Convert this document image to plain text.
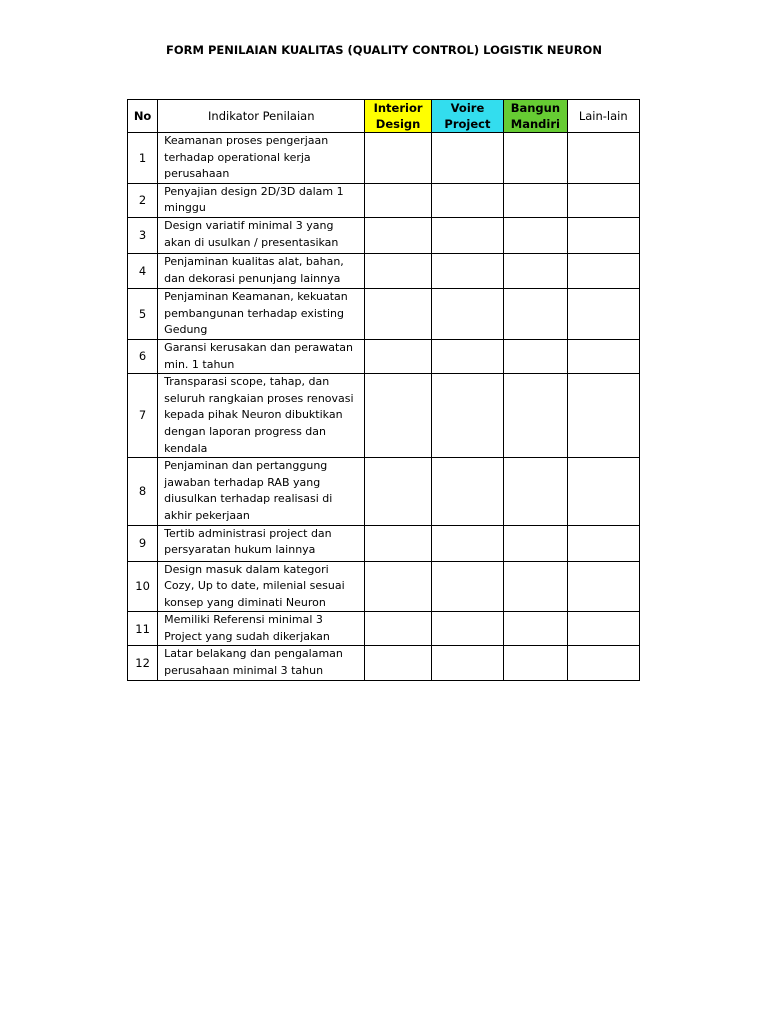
FORM PENILAIAN KUALITAS (QUALITY CONTROL) LOGISTIK NEURON
No	Indikator Penilaian	Interior Design	Voire Project	Bangun Mandiri	Lain-lain
1	Keamanan proses pengerjaan terhadap operational kerja perusahaan				
2	Penyajian design 2D/3D dalam 1 minggu				
3	Design variatif minimal 3 yang akan di usulkan / presentasikan				
4	Penjaminan kualitas alat, bahan, dan dekorasi penunjang lainnya				
5	Penjaminan Keamanan, kekuatan pembangunan terhadap existing Gedung				
6	Garansi kerusakan dan perawatan min. 1 tahun				
7	Transparasi scope, tahap, dan seluruh rangkaian proses renovasi kepada pihak Neuron dibuktikan dengan laporan progress dan kendala				
8	Penjaminan dan pertanggung jawaban terhadap RAB yang diusulkan terhadap realisasi di akhir pekerjaan				
9	Tertib administrasi project dan persyaratan hukum lainnya				
10	Design masuk dalam kategori Cozy, Up to date, milenial sesuai konsep yang diminati Neuron				
11	Memiliki Referensi minimal 3 Project yang sudah dikerjakan				
12	Latar belakang dan pengalaman perusahaan minimal 3 tahun				
